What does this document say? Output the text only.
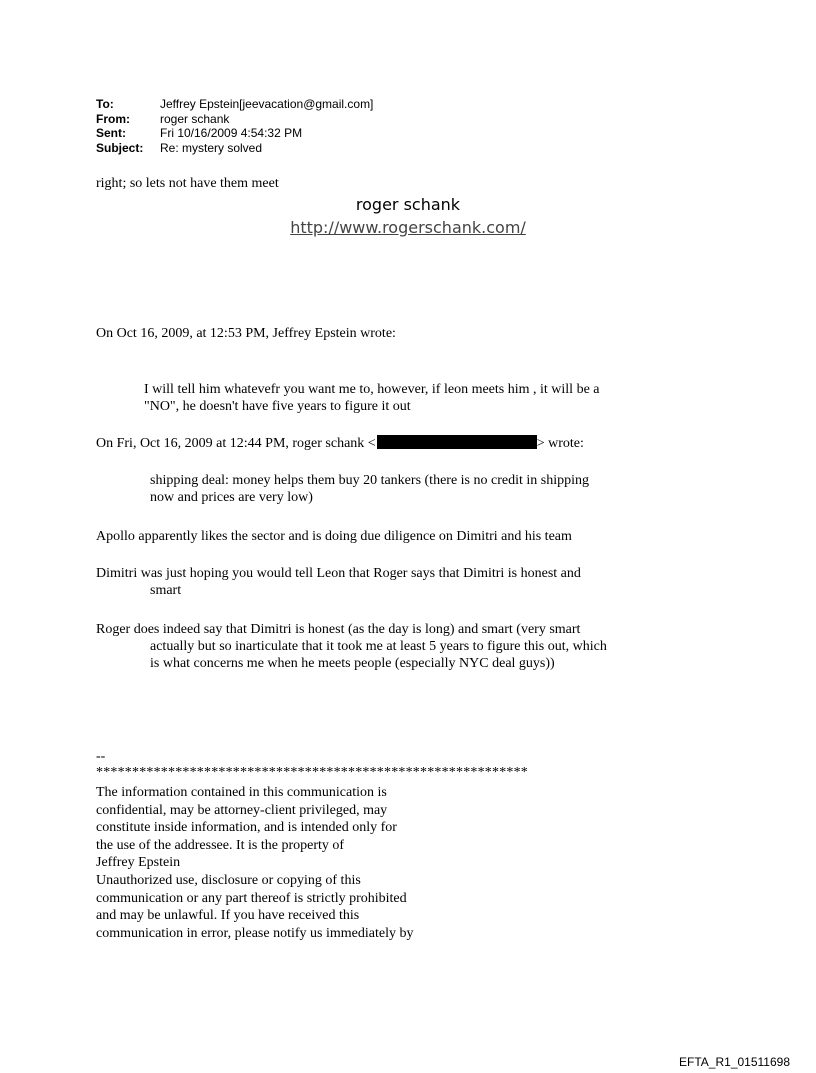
To:	Jeffrey Epstein[jeevacation@gmail.com]
From:	roger schank
Sent:	Fri 10/16/2009 4:54:32 PM
Subject:	Re: mystery solved
right; so lets not have them meet
roger schank
http://www.rogerschank.com/
On Oct 16, 2009, at 12:53 PM, Jeffrey Epstein wrote:
I will tell him whatevefr you want me to, however, if leon meets him , it will be a
"NO", he doesn't have five years to figure it out
On Fri, Oct 16, 2009 at 12:44 PM, roger schank <	> wrote:
shipping deal: money helps them buy 20 tankers (there is no credit in shipping
now and prices are very low)
Apollo apparently likes the sector and is doing due diligence on Dimitri and his team
Dimitri was just hoping you would tell Leon that Roger says that Dimitri is honest and
smart
Roger does indeed say that Dimitri is honest (as the day is long) and smart (very smart
actually but so inarticulate that it took me at least 5 years to figure this out, which
is what concerns me when he meets people (especially NYC deal guys))
--
************************************************************
The information contained in this communication is
confidential, may be attorney-client privileged, may
constitute inside information, and is intended only for
the use of the addressee. It is the property of
Jeffrey Epstein
Unauthorized use, disclosure or copying of this
communication or any part thereof is strictly prohibited
and may be unlawful. If you have received this
communication in error, please notify us immediately by
EFTA_R1_01511698
